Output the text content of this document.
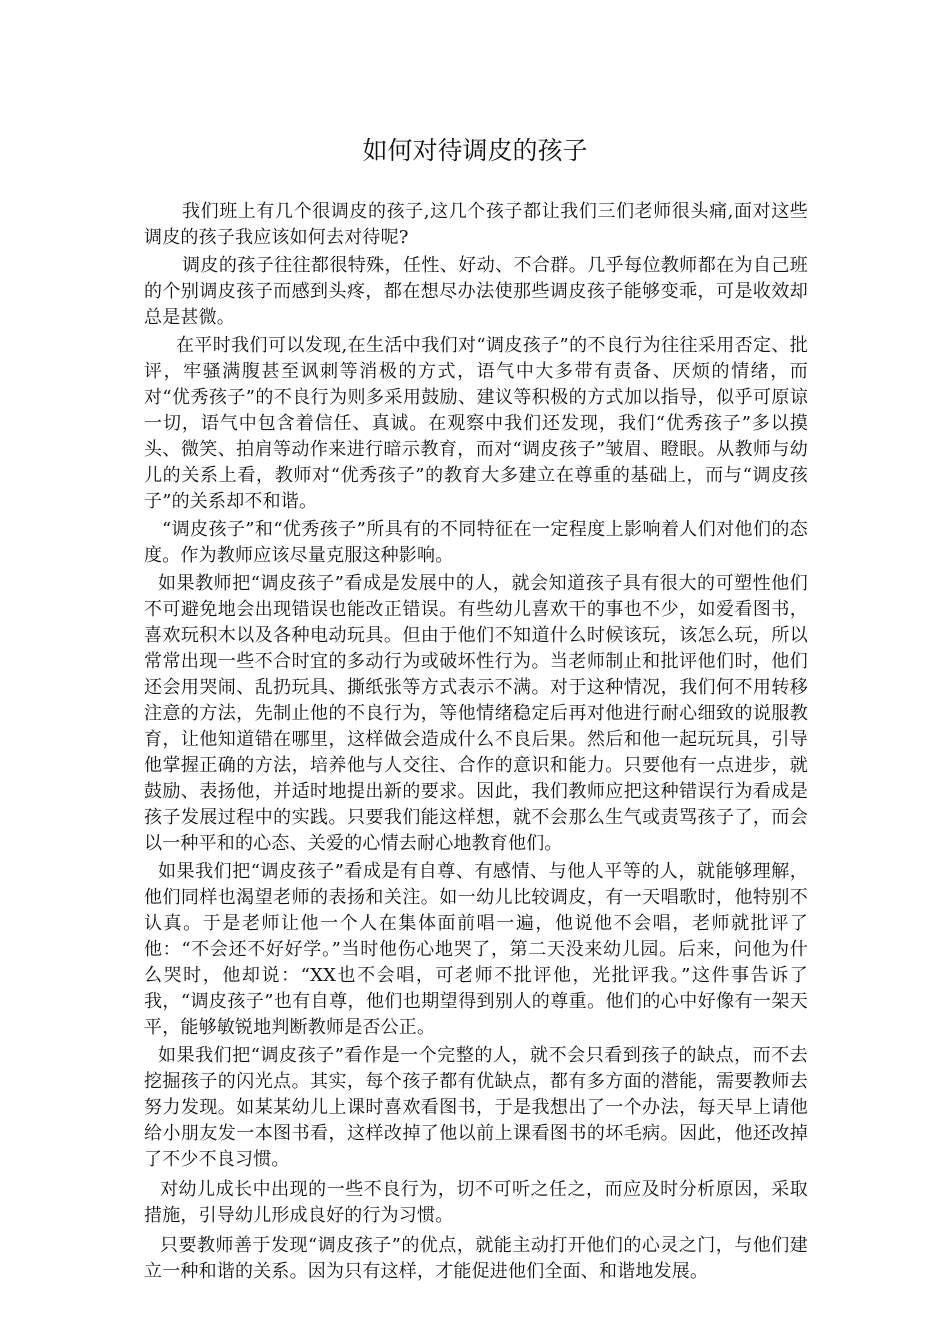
如何对待调皮的孩子

我们班上有几个很调皮的孩子,这几个孩子都让我们三们老师很头痛,面对这些调皮的孩子我应该如何去对待呢?

调皮的孩子往往都很特殊，任性、好动、不合群。几乎每位教师都在为自己班的个别调皮孩子而感到头疼，都在想尽办法使那些调皮孩子能够变乖，可是收效却总是甚微。

在平时我们可以发现,在生活中我们对“调皮孩子”的不良行为往往采用否定、批评，牢骚满腹甚至讽刺等消极的方式，语气中大多带有责备、厌烦的情绪，而对“优秀孩子”的不良行为则多采用鼓励、建议等积极的方式加以指导，似乎可原谅一切，语气中包含着信任、真诚。在观察中我们还发现，我们“优秀孩子”多以摸头、微笑、拍肩等动作来进行暗示教育，而对“调皮孩子”皱眉、瞪眼。从教师与幼儿的关系上看，教师对“优秀孩子”的教育大多建立在尊重的基础上，而与“调皮孩子”的关系却不和谐。

“调皮孩子”和“优秀孩子”所具有的不同特征在一定程度上影响着人们对他们的态度。作为教师应该尽量克服这种影响。

如果教师把“调皮孩子”看成是发展中的人，就会知道孩子具有很大的可塑性他们不可避免地会出现错误也能改正错误。有些幼儿喜欢干的事也不少，如爱看图书，喜欢玩积木以及各种电动玩具。但由于他们不知道什么时候该玩，该怎么玩，所以常常出现一些不合时宜的多动行为或破坏性行为。当老师制止和批评他们时，他们还会用哭闹、乱扔玩具、撕纸张等方式表示不满。对于这种情况，我们何不用转移注意的方法，先制止他的不良行为，等他情绪稳定后再对他进行耐心细致的说服教育，让他知道错在哪里，这样做会造成什么不良后果。然后和他一起玩玩具，引导他掌握正确的方法，培养他与人交往、合作的意识和能力。只要他有一点进步，就鼓励、表扬他，并适时地提出新的要求。因此，我们教师应把这种错误行为看成是孩子发展过程中的实践。只要我们能这样想，就不会那么生气或责骂孩子了，而会以一种平和的心态、关爱的心情去耐心地教育他们。

如果我们把“调皮孩子”看成是有自尊、有感情、与他人平等的人，就能够理解，他们同样也渴望老师的表扬和关注。如一幼儿比较调皮，有一天唱歌时，他特别不认真。于是老师让他一个人在集体面前唱一遍，他说他不会唱，老师就批评了他：“不会还不好好学。”当时他伤心地哭了，第二天没来幼儿园。后来，问他为什么哭时，他却说：“XX也不会唱，可老师不批评他，光批评我。”这件事告诉了我，“调皮孩子”也有自尊，他们也期望得到别人的尊重。他们的心中好像有一架天平，能够敏锐地判断教师是否公正。

如果我们把“调皮孩子”看作是一个完整的人，就不会只看到孩子的缺点，而不去挖掘孩子的闪光点。其实，每个孩子都有优缺点，都有多方面的潜能，需要教师去努力发现。如某某幼儿上课时喜欢看图书，于是我想出了一个办法，每天早上请他给小朋友发一本图书看，这样改掉了他以前上课看图书的坏毛病。因此，他还改掉了不少不良习惯。

对幼儿成长中出现的一些不良行为，切不可听之任之，而应及时分析原因，采取措施，引导幼儿形成良好的行为习惯。

只要教师善于发现“调皮孩子”的优点，就能主动打开他们的心灵之门，与他们建立一种和谐的关系。因为只有这样，才能促进他们全面、和谐地发展。
